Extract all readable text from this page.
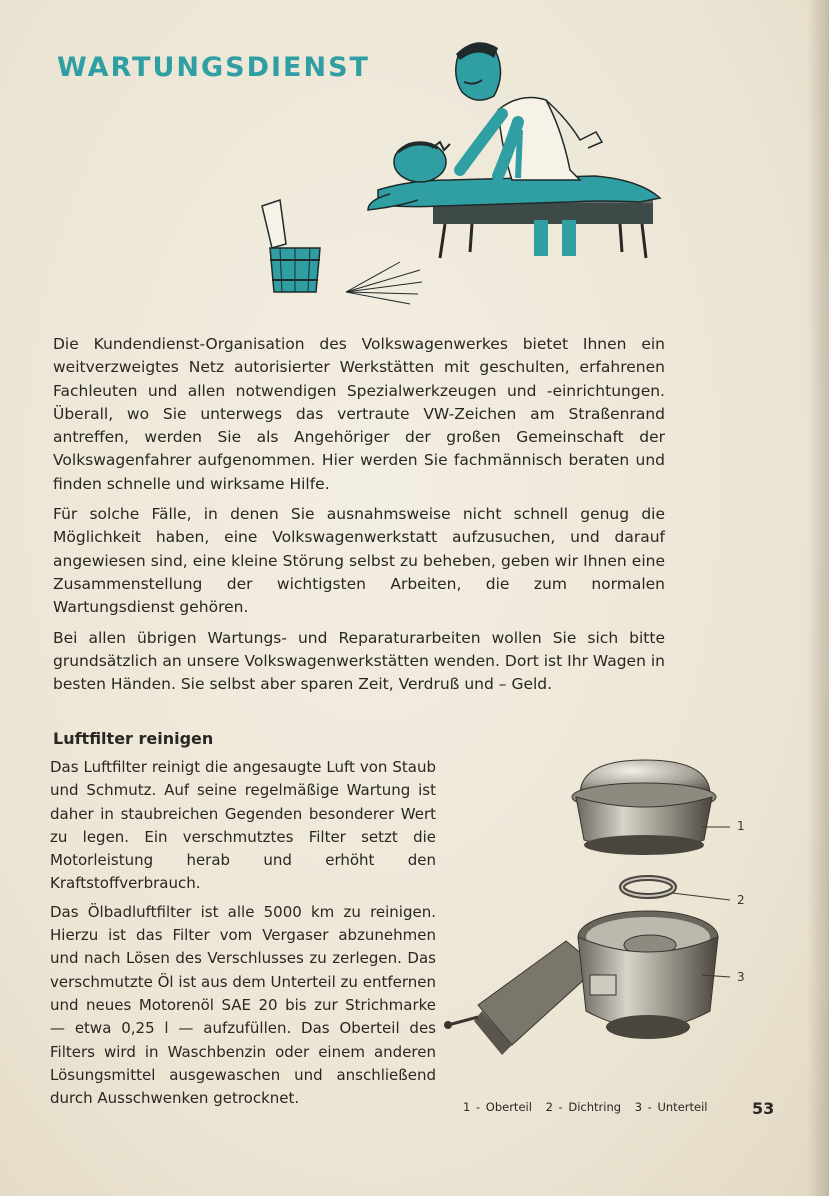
WARTUNGSDIENST

Die Kundendienst-Organisation des Volkswagenwerkes bietet Ihnen ein weitverzweigtes Netz autorisierter Werkstätten mit geschulten, erfahrenen Fachleuten und allen notwendigen Spezialwerkzeugen und -einrichtungen. Überall, wo Sie unterwegs das vertraute VW-Zeichen am Straßenrand antreffen, werden Sie als Angehöriger der großen Gemeinschaft der Volkswagenfahrer aufgenommen. Hier werden Sie fachmännisch beraten und finden schnelle und wirksame Hilfe.

Für solche Fälle, in denen Sie ausnahmsweise nicht schnell genug die Möglichkeit haben, eine Volkswagenwerkstatt aufzusuchen, und darauf angewiesen sind, eine kleine Störung selbst zu beheben, geben wir Ihnen eine Zusammenstellung der wichtigsten Arbeiten, die zum normalen Wartungsdienst gehören.

Bei allen übrigen Wartungs- und Reparaturarbeiten wollen Sie sich bitte grundsätzlich an unsere Volkswagenwerkstätten wenden. Dort ist Ihr Wagen in besten Händen. Sie selbst aber sparen Zeit, Verdruß und – Geld.

Luftfilter reinigen

Das Luftfilter reinigt die angesaugte Luft von Staub und Schmutz. Auf seine regelmäßige Wartung ist daher in staubreichen Gegenden besonderer Wert zu legen. Ein verschmutztes Filter setzt die Motorleistung herab und erhöht den Kraftstoffverbrauch.

Das Ölbadluftfilter ist alle 5000 km zu reinigen. Hierzu ist das Filter vom Vergaser abzunehmen und nach Lösen des Verschlusses zu zerlegen. Das verschmutzte Öl ist aus dem Unterteil zu entfernen und neues Motorenöl SAE 20 bis zur Strichmarke — etwa 0,25 l — aufzufüllen. Das Oberteil des Filters wird in Waschbenzin oder einem anderen Lösungsmittel ausgewaschen und anschließend durch Ausschwenken getrocknet.

1
2
3
1 - Oberteil 2 - Dichtring 3 - Unterteil	53
